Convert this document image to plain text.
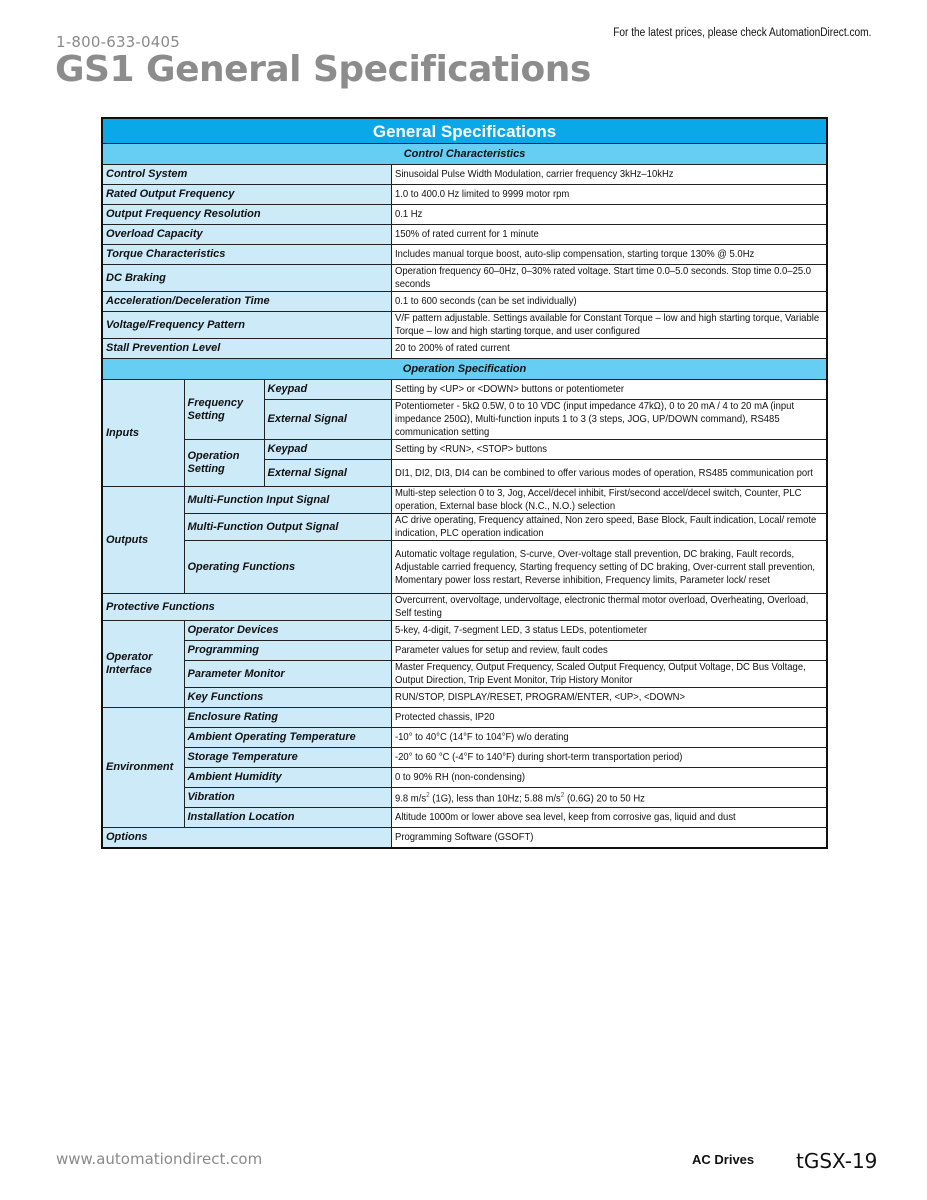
1-800-633-0405
GS1 General Specifications
For the latest prices, please check AutomationDirect.com.
General Specifications			
Control Characteristics			
Control System			Sinusoidal Pulse Width Modulation, carrier frequency 3kHz–10kHz

Rated Output Frequency			1.0 to 400.0 Hz limited to 9999 motor rpm

Output Frequency Resolution			0.1 Hz

Overload Capacity			150% of rated current for 1 minute

Torque Characteristics			Includes manual torque boost, auto-slip compensation, starting torque 130% @ 5.0Hz

DC Braking			Operation frequency 60–0Hz, 0–30% rated voltage. Start time 0.0–5.0 seconds. Stop time 0.0–25.0 seconds

Acceleration/Deceleration Time			0.1 to 600 seconds (can be set individually)

Voltage/Frequency Pattern			V/F pattern adjustable. Settings available for Constant Torque – low and high starting torque, Variable Torque – low and high starting torque, and user configured

Stall Prevention Level			20 to 200% of rated current

Operation Specification			
Inputs	Frequency Setting	Keypad	Setting by <UP> or <DOWN> buttons or potentiometer

		External Signal	Potentiometer - 5kΩ 0.5W, 0 to 10 VDC (input impedance 47kΩ), 0 to 20 mA / 4 to 20 mA (input impedance 250Ω), Multi-function inputs 1 to 3 (3 steps, JOG, UP/DOWN command), RS485 communication setting

	Operation Setting	Keypad	Setting by <RUN>, <STOP> buttons

		External Signal	DI1, DI2, DI3, DI4 can be combined to offer various modes of operation, RS485 communication port

Outputs	Multi-Function Input Signal		Multi-step selection 0 to 3, Jog, Accel/decel inhibit, First/second accel/decel switch, Counter, PLC operation, External base block (N.C., N.O.) selection

	Multi-Function Output Signal		AC drive operating, Frequency attained, Non zero speed, Base Block, Fault indication, Local/ remote indication, PLC operation indication

	Operating Functions		Automatic voltage regulation, S-curve, Over-voltage stall prevention, DC braking, Fault records, Adjustable carried frequency, Starting frequency setting of DC braking, Over-current stall prevention, Momentary power loss restart, Reverse inhibition, Frequency limits, Parameter lock/ reset

Protective Functions			Overcurrent, overvoltage, undervoltage, electronic thermal motor overload, Overheating, Overload, Self testing

Operator Interface	Operator Devices		5-key, 4-digit, 7-segment LED, 3 status LEDs, potentiometer

	Programming		Parameter values for setup and review, fault codes

	Parameter Monitor		Master Frequency, Output Frequency, Scaled Output Frequency, Output Voltage, DC Bus Voltage, Output Direction, Trip Event Monitor, Trip History Monitor

	Key Functions		RUN/STOP, DISPLAY/RESET, PROGRAM/ENTER, <UP>, <DOWN>

Environment	Enclosure Rating		Protected chassis, IP20

	Ambient Operating Temperature		-10° to 40°C (14°F to 104°F) w/o derating

	Storage Temperature		-20° to 60 °C (-4°F to 140°F) during short-term transportation period)

	Ambient Humidity		0 to 90% RH (non-condensing)

	Vibration		9.8 $m/s^2$ (1G), less than 10Hz; 5.88 $m/s^2$ (0.6G) 20 to 50 Hz

	Installation Location		Altitude 1000m or lower above sea level, keep from corrosive gas, liquid and dust

Options			Programming Software (GSOFT)
www.automationdirect.com	AC Drives tGSX-19
